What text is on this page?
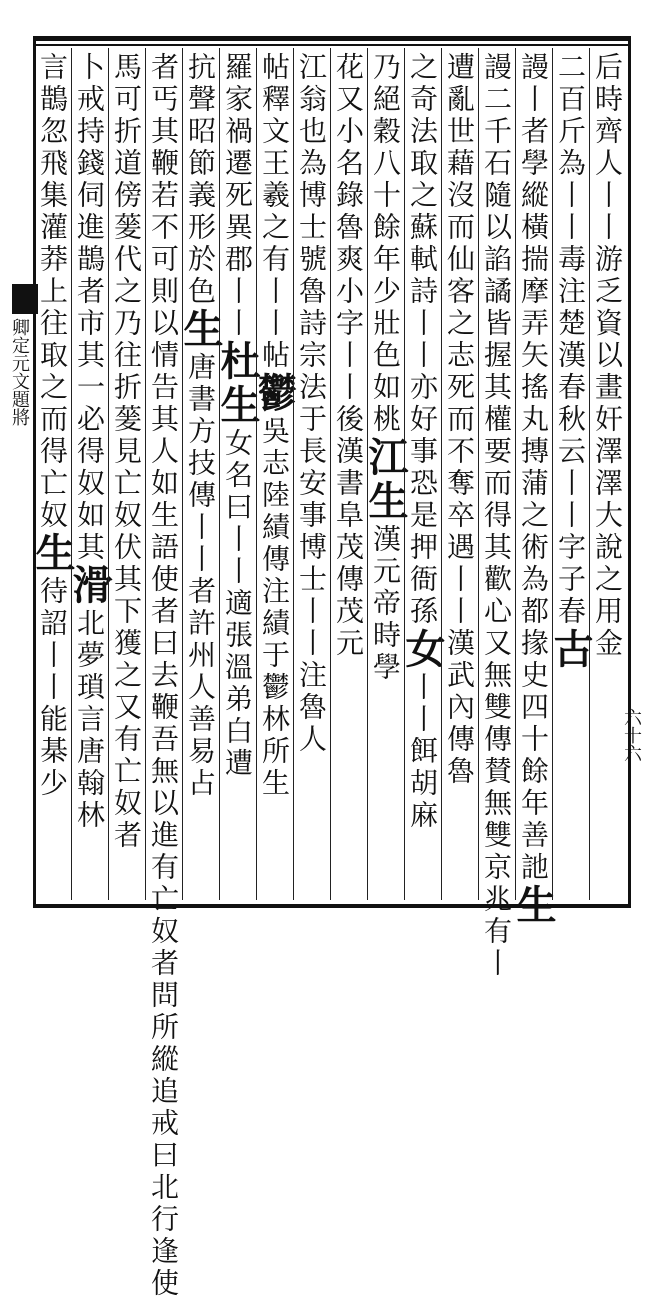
卿定元文題將
六十六
后時齊人丨丨游乏資以畫奸澤澤大說之用金
二百斤為丨丨毒注楚漢春秋云丨丨字子春古
謾丨者學縱橫揣摩弄矢搖丸摶蒲之術為都掾史四十餘年善訑生
謾二千石隨以諂譎皆握其權要而得其歡心又無雙傳賛無雙京兆有丨
遭亂世藉沒而仙客之志死而不奪卒遇丨丨漢武內傳魯
之奇法取之蘇軾詩丨丨亦好事恐是押衙孫女丨丨餌胡麻
乃絕穀八十餘年少壯色如桃江生漢元帝時學
花又小名錄魯爽小字丨丨後漢書阜茂傳茂元
江翁也為博士號魯詩宗法于長安事博士丨丨注魯人
帖釋文王羲之有丨丨帖鬱吳志陸績傳注績于鬱林所生
羅家禍遷死異郡丨丨杜生女名曰丨丨適張溫弟白遭
抗聲昭節義形於色生唐書方技傳丨丨者許州人善易占
者丐其鞭若不可則以情告其人如生語使者曰去鞭吾無以進有亡奴者問所縱追戒曰北行逢使
馬可折道傍蓌代之乃往折蓌見亡奴伏其下獲之又有亡奴者
卜戒持錢伺進鵲者市其一必得奴如其滑北夢瑣言唐翰林
言鵲忽飛集灌莽上往取之而得亡奴生待詔丨丨能棊少
